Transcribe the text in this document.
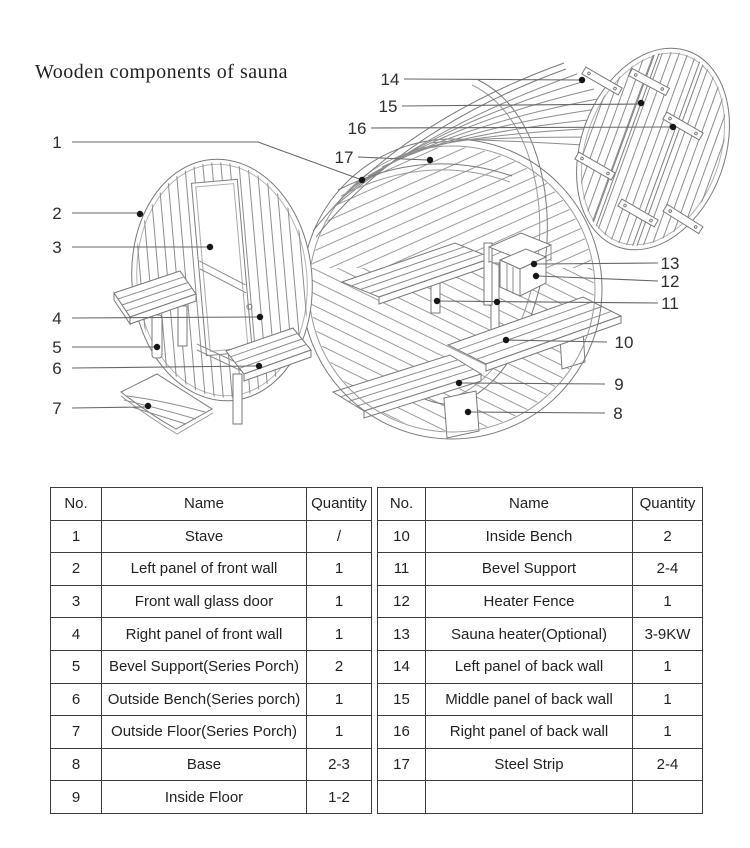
Wooden components of sauna
1
2
3
4
5
6
7	8
9
10
11
12
13
14
15
16
17
No.	Name	Quantity
1	Stave	/
2	Left panel of front wall	1
3	Front wall glass door	1
4	Right panel of front wall	1
5	Bevel Support(Series Porch)	2
6	Outside Bench(Series porch)	1
7	Outside Floor(Series Porch)	1
8	Base	2-3
9	Inside Floor	1-2
No.	Name	Quantity
10	Inside Bench	2
11	Bevel Support	2-4
12	Heater Fence	1
13	Sauna heater(Optional)	3-9KW
14	Left panel of back wall	1
15	Middle panel of back wall	1
16	Right panel of back wall	1
17	Steel Strip	2-4
